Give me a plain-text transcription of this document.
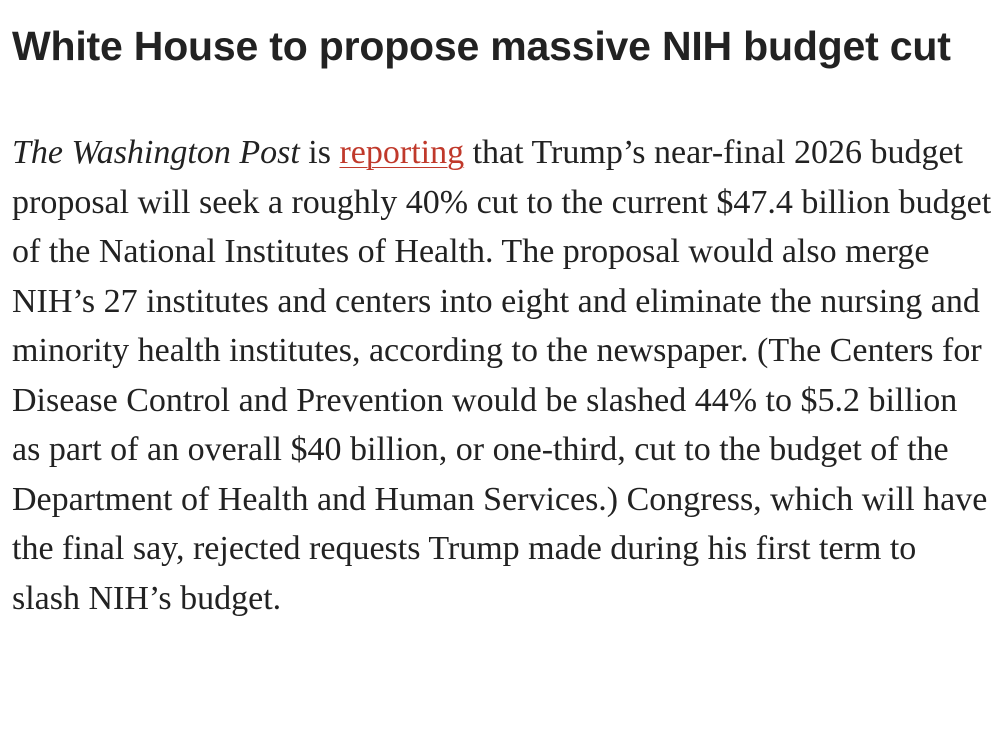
White House to propose massive NIH budget cut

The Washington Post is reporting that Trump’s near-final 2026 budget proposal will seek a roughly 40% cut to the current $47.4 billion budget of the National Institutes of Health. The proposal would also merge NIH’s 27 institutes and centers into eight and eliminate the nursing and minority health institutes, according to the newspaper. (The Centers for Disease Control and Prevention would be slashed 44% to $5.2 billion as part of an overall $40 billion, or one-third, cut to the budget of the Department of Health and Human Services.) Congress, which will have the final say, rejected requests Trump made during his first term to slash NIH’s budget.
